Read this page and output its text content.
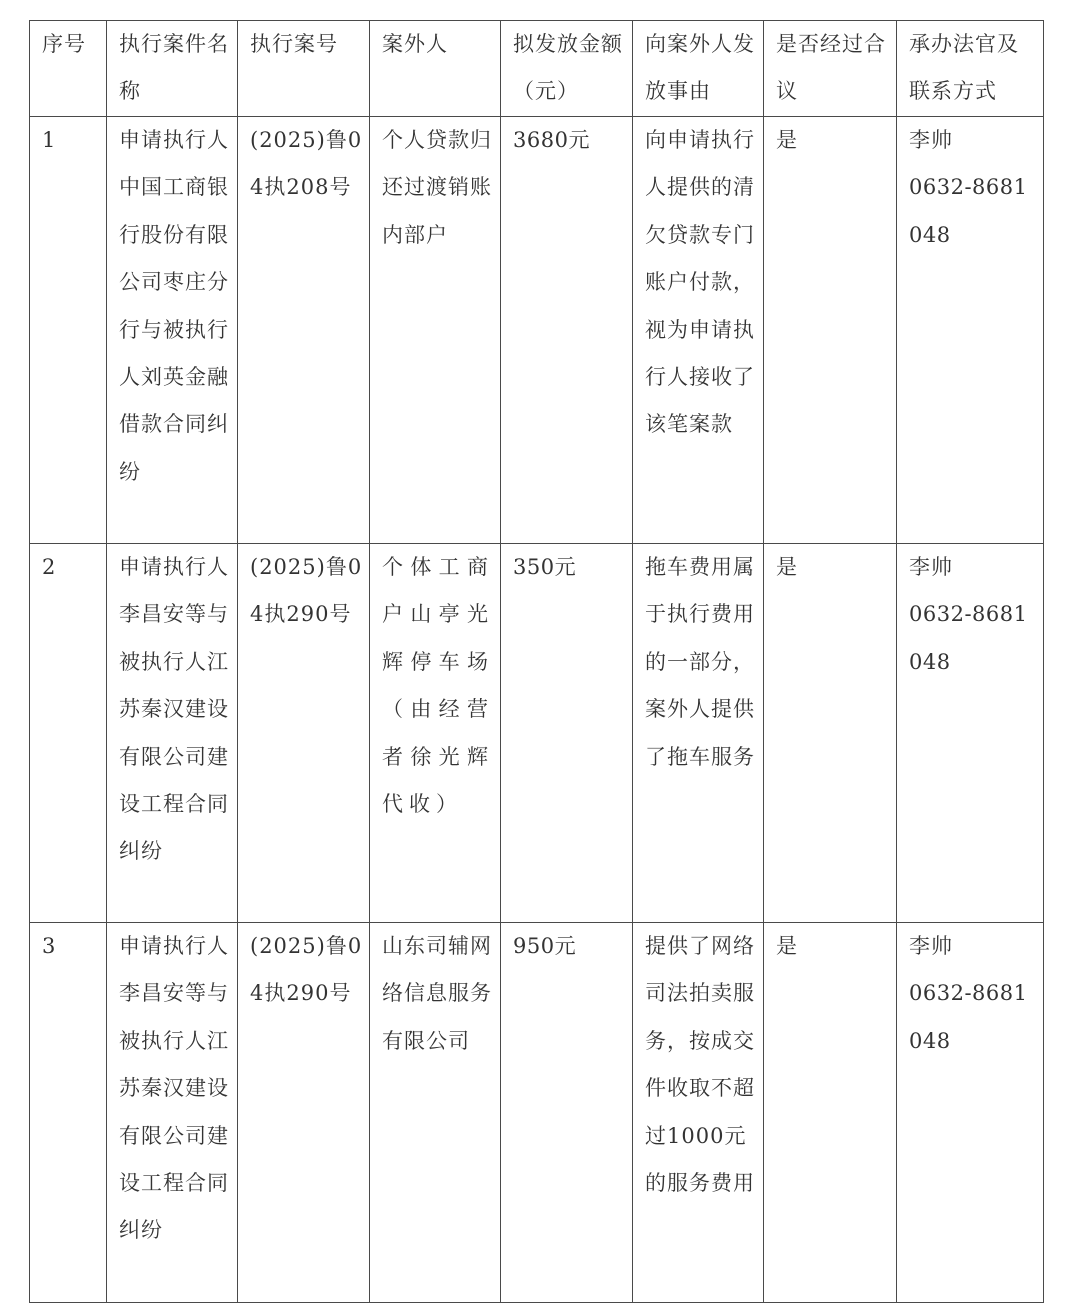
序号	执行案件名称	执行案号	案外人	拟发放金额（元）	向案外人发放事由	是否经过合议	承办法官及联系方式

1	申请执行人中国工商银行股份有限公司枣庄分行与被执行人刘英金融借款合同纠纷	(2025)鲁04执208号	个人贷款归还过渡销账内部户	3680元	向申请执行人提供的清欠贷款专门账户付款，视为申请执行人接收了该笔案款	是	李帅
0632-8681048

2	申请执行人李昌安等与被执行人江苏秦汉建设有限公司建设工程合同纠纷	(2025)鲁04执290号	个体工商户山亭光辉停车场（由经营者徐光辉代收）	350元	拖车费用属于执行费用的一部分，案外人提供了拖车服务	是	李帅
0632-8681048

3	申请执行人李昌安等与被执行人江苏秦汉建设有限公司建设工程合同纠纷	(2025)鲁04执290号	山东司辅网络信息服务有限公司	950元	提供了网络司法拍卖服务，按成交件收取不超过1000元的服务费用	是	李帅
0632-8681048
